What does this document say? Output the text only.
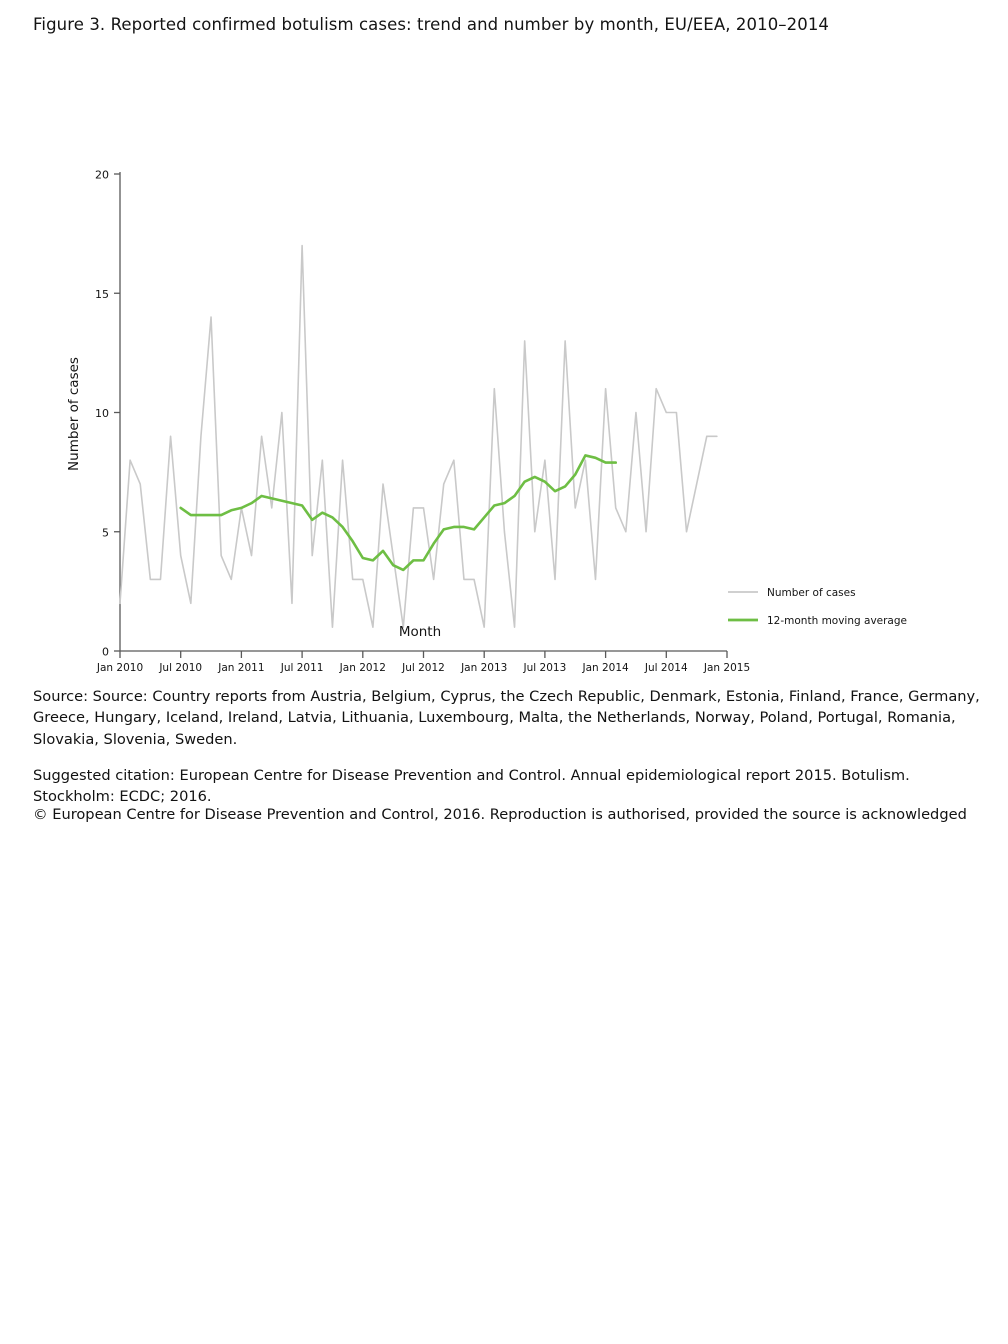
Figure 3. Reported confirmed botulism cases: trend and number by month, EU/EEA, 2010–2014
0
5
10
15
20
Jan 2010 Jul 2010 Jan 2011 Jul 2011 Jan 2012 Jul 2012 Jan 2013 Jul 2013 Jan 2014 Jul 2014 Jan 2015
Number of cases
12-month moving average
Number of cases
Month
Source: Source: Country reports from Austria, Belgium, Cyprus, the Czech Republic, Denmark, Estonia, Finland, France, Germany, Greece, Hungary, Iceland, Ireland, Latvia, Lithuania, Luxembourg, Malta, the Netherlands, Norway, Poland, Portugal, Romania, Slovakia, Slovenia, Sweden.
Suggested citation: European Centre for Disease Prevention and Control. Annual epidemiological report 2015. Botulism. Stockholm: ECDC; 2016.
© European Centre for Disease Prevention and Control, 2016. Reproduction is authorised, provided the source is acknowledged
